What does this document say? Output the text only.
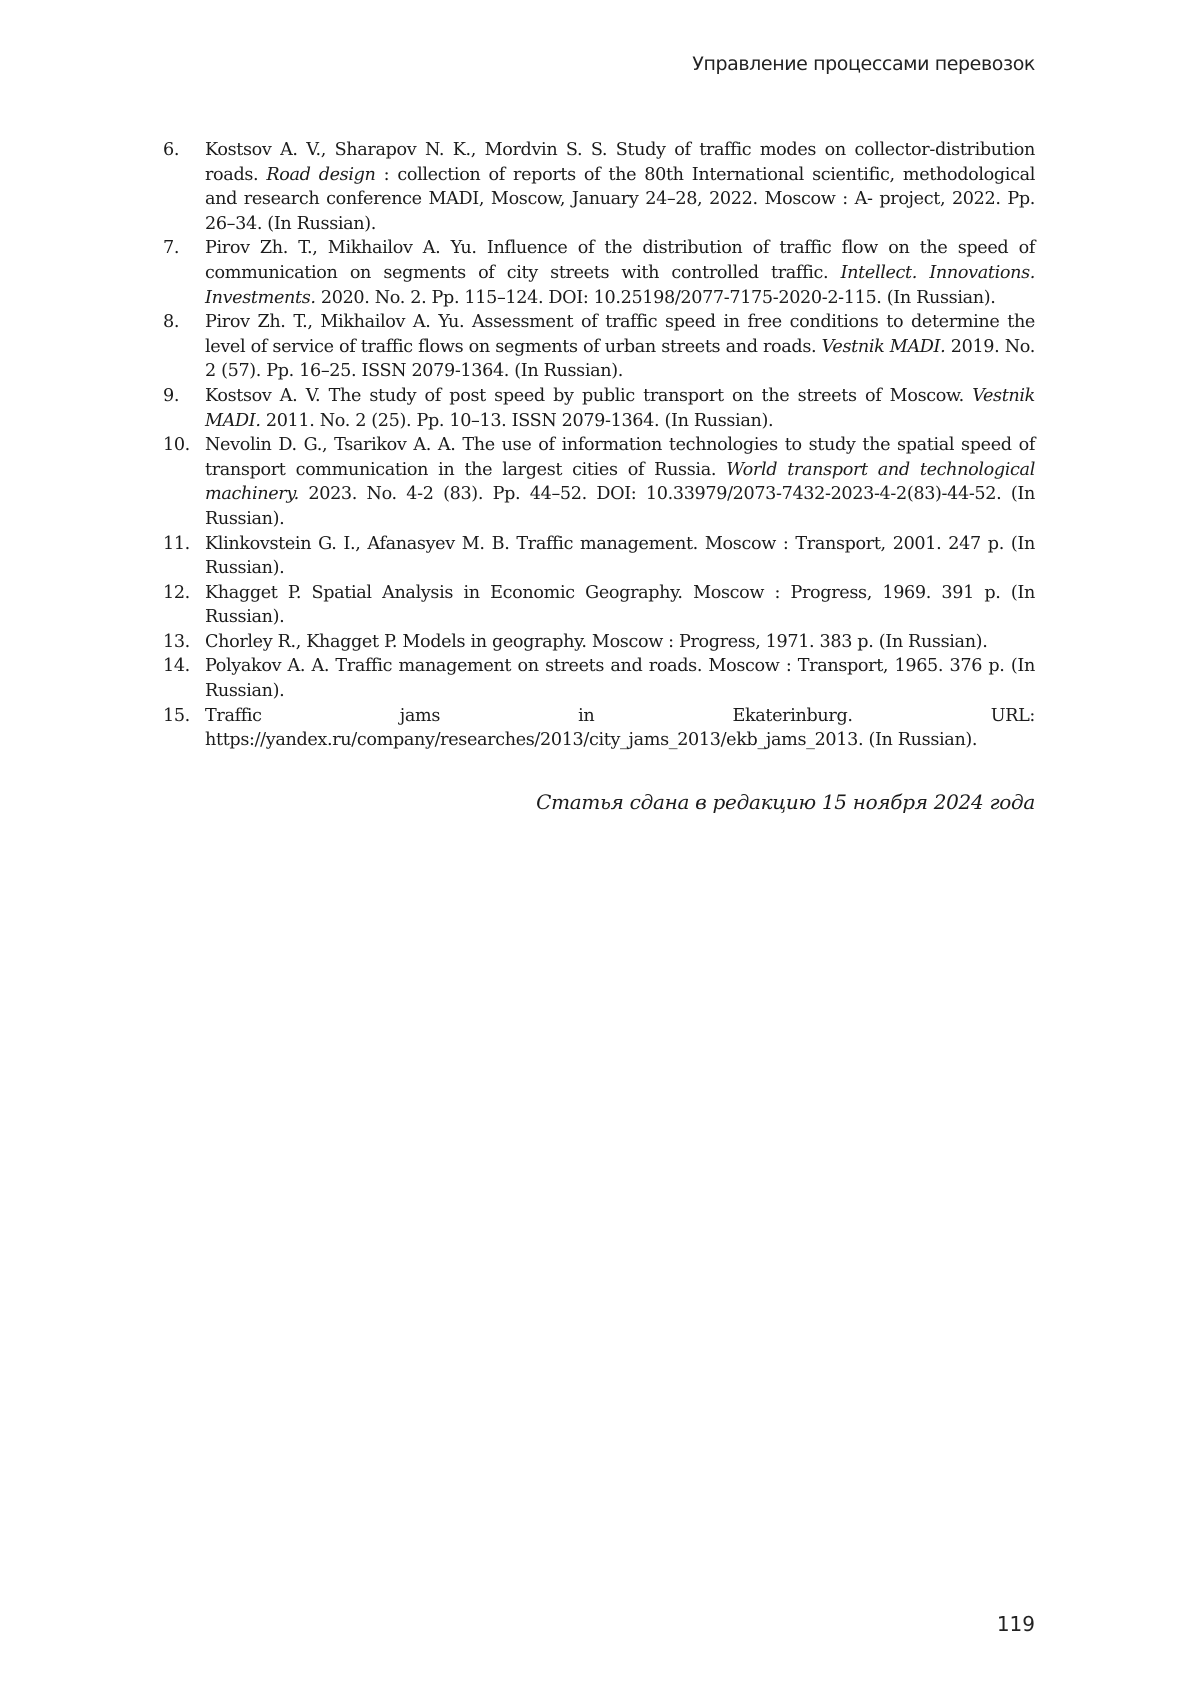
Управление процессами перевозок
6.	Kostsov A. V., Sharapov N. K., Mordvin S. S. Study of traffic modes on collector-distribution roads. Road design : collection of reports of the 80th International scientific, methodological and research conference MADI, Moscow, January 24–28, 2022. Moscow : A- project, 2022. Pp. 26–34. (In Russian).
7.	Pirov Zh. T., Mikhailov A. Yu. Influence of the distribution of traffic flow on the speed of communication on segments of city streets with controlled traffic. Intellect. Innovations. Investments. 2020. No. 2. Pp. 115–124. DOI: 10.25198/2077-7175-2020-2-115. (In Russian).
8.	Pirov Zh. T., Mikhailov A. Yu. Assessment of traffic speed in free conditions to determine the level of service of traffic flows on segments of urban streets and roads. Vestnik MADI. 2019. No. 2 (57). Pp. 16–25. ISSN 2079-1364. (In Russian).
9.	Kostsov A. V. The study of post speed by public transport on the streets of Moscow. Vestnik MADI. 2011. No. 2 (25). Pp. 10–13. ISSN 2079-1364. (In Russian).
10. Nevolin D. G., Tsarikov A. A. The use of information technologies to study the spatial speed of transport communication in the largest cities of Russia. World transport and technological machinery. 2023. No. 4-2 (83). Pp. 44–52. DOI: 10.33979/2073-7432-2023-4-2(83)-44-52. (In Russian).
11. Klinkovstein G. I., Afanasyev M. B. Traffic management. Moscow : Transport, 2001. 247 p. (In Russian).
12. Khagget P. Spatial Analysis in Economic Geography. Moscow : Progress, 1969. 391 p. (In Russian).
13. Chorley R., Khagget P. Models in geography. Moscow : Progress, 1971. 383 p. (In Russian).
14. Polyakov A. A. Traffic management on streets and roads. Moscow : Transport, 1965. 376 p. (In Russian).
15. Traffic jams in Ekaterinburg. URL: https://yandex.ru/company/researches/2013/city_jams_2013/ekb_jams_2013. (In Russian).
Статья сдана в редакцию 15 ноября 2024 года
119
